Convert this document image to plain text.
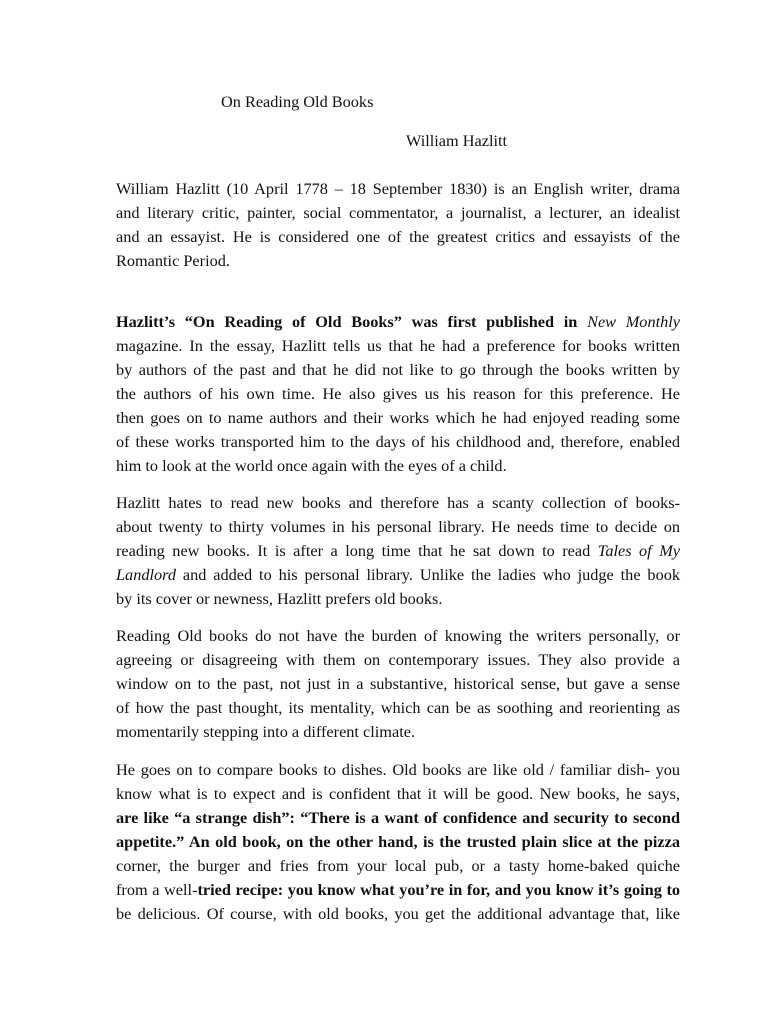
On Reading Old Books
William Hazlitt
William Hazlitt (10 April 1778 – 18 September 1830) is an English writer, drama
and literary critic, painter, social commentator, a journalist, a lecturer, an idealist
and an essayist. He is considered one of the greatest critics and essayists of the
Romantic Period.
Hazlitt’s “On Reading of Old Books” was first published in New Monthly
magazine. In the essay, Hazlitt tells us that he had a preference for books written
by authors of the past and that he did not like to go through the books written by
the authors of his own time. He also gives us his reason for this preference. He
then goes on to name authors and their works which he had enjoyed reading some
of these works transported him to the days of his childhood and, therefore, enabled
him to look at the world once again with the eyes of a child.
Hazlitt hates to read new books and therefore has a scanty collection of books-
about twenty to thirty volumes in his personal library. He needs time to decide on
reading new books. It is after a long time that he sat down to read Tales of My
Landlord and added to his personal library. Unlike the ladies who judge the book
by its cover or newness, Hazlitt prefers old books.
Reading Old books do not have the burden of knowing the writers personally, or
agreeing or disagreeing with them on contemporary issues. They also provide a
window on to the past, not just in a substantive, historical sense, but gave a sense
of how the past thought, its mentality, which can be as soothing and reorienting as
momentarily stepping into a different climate.
He goes on to compare books to dishes. Old books are like old / familiar dish- you
know what is to expect and is confident that it will be good. New books, he says,
are like “a strange dish”: “There is a want of confidence and security to second
appetite.” An old book, on the other hand, is the trusted plain slice at the pizza
corner, the burger and fries from your local pub, or a tasty home-baked quiche
from a well-tried recipe: you know what you’re in for, and you know it’s going to
be delicious. Of course, with old books, you get the additional advantage that, like
